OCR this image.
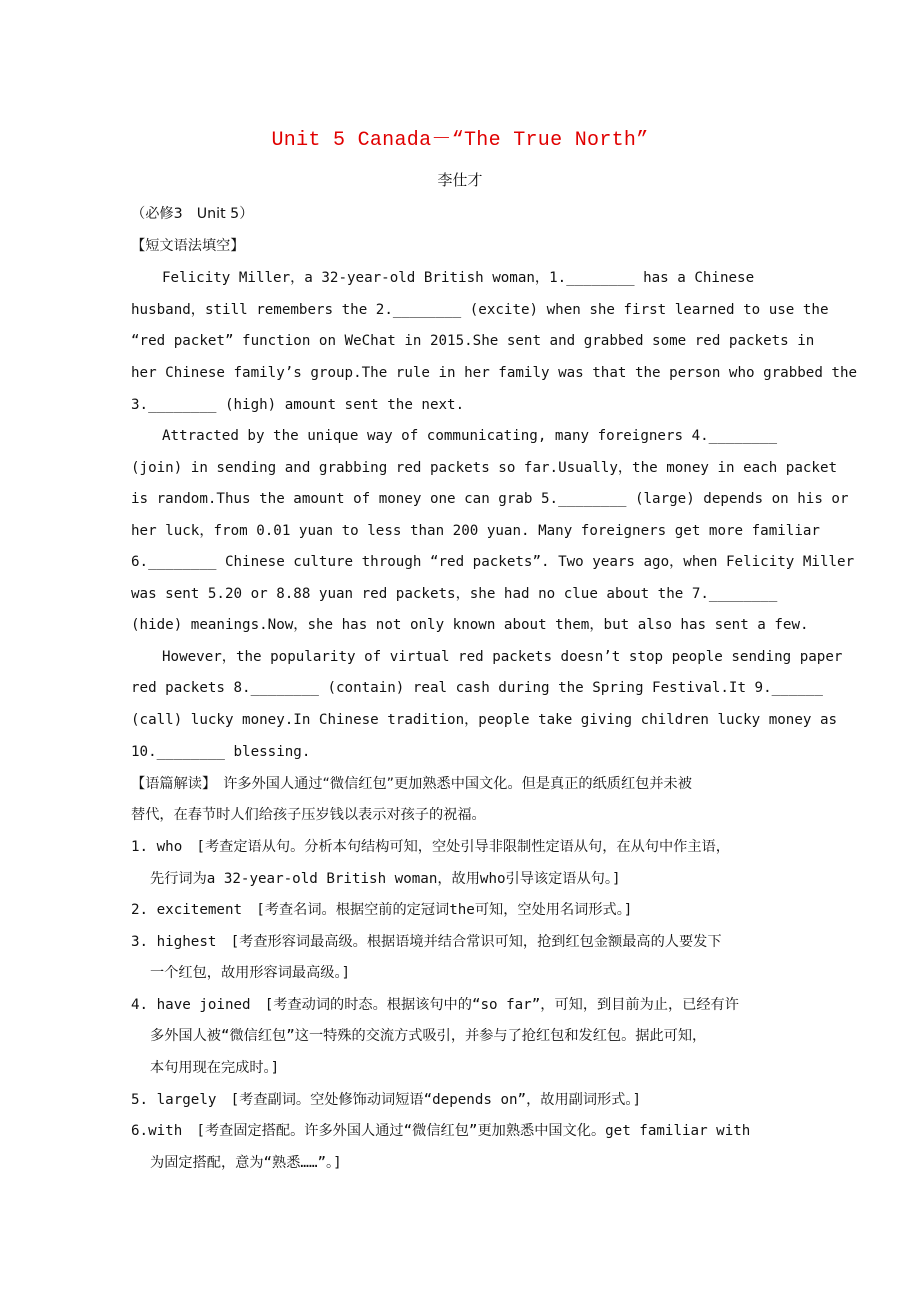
Unit 5 Canada－“The True North”
李仕才
（必修3　Unit 5）
【短文语法填空】
Felicity Miller，a 32-year-old British woman，1.________ has a Chinese
husband，still remembers the 2.________ (excite) when she first learned to use the
“red packet” function on WeChat in 2015.She sent and grabbed some red packets in
her Chinese family’s group.The rule in her family was that the person who grabbed the
3.________ (high) amount sent the next.
Attracted by the unique way of communicating, many foreigners 4.________
(join) in sending and grabbing red packets so far.Usually，the money in each packet
is random.Thus the amount of money one can grab 5.________ (large) depends on his or
her luck，from 0.01 yuan to less than 200 yuan. Many foreigners get more familiar
6.________ Chinese culture through “red packets”. Two years ago，when Felicity Miller
was sent 5.20 or 8.88 yuan red packets，she had no clue about the 7.________
(hide) meanings.Now，she has not only known about them，but also has sent a few.
However，the popularity of virtual red packets doesn’t stop people sending paper
red packets 8.________ (contain) real cash during the Spring Festival.It 9.______
(call) lucky money.In Chinese tradition，people take giving children lucky money as
10.________ blessing.
【语篇解读】　许多外国人通过“微信红包”更加熟悉中国文化。但是真正的纸质红包并未被
替代，在春节时人们给孩子压岁钱以表示对孩子的祝福。
1. who　[考查定语从句。分析本句结构可知，空处引导非限制性定语从句，在从句中作主语，
先行词为a 32-year-old British woman，故用who引导该定语从句。]
2. excitement　[考查名词。根据空前的定冠词the可知，空处用名词形式。]
3. highest　[考查形容词最高级。根据语境并结合常识可知，抢到红包金额最高的人要发下
一个红包，故用形容词最高级。]
4. have joined　[考查动词的时态。根据该句中的“so far”，可知，到目前为止，已经有许
多外国人被“微信红包”这一特殊的交流方式吸引，并参与了抢红包和发红包。据此可知，
本句用现在完成时。]
5. largely　[考查副词。空处修饰动词短语“depends on”，故用副词形式。]
6.with　[考查固定搭配。许多外国人通过“微信红包”更加熟悉中国文化。get familiar with
为固定搭配，意为“熟悉……”。]
